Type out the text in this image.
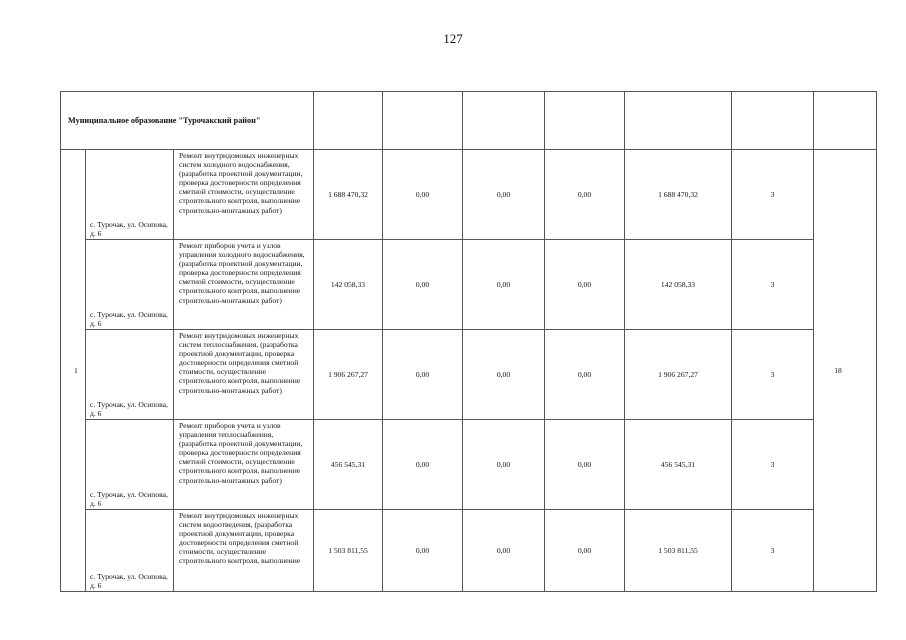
127
Муниципальное образование "Турочакский район"									
1	с. Турочак, ул. Осипова, д. 6	Ремонт внутридомовых инженерных систем холодного водоснабжения, (разработка проектной документации, проверка достоверности определения сметной стоимости, осуществление строительного контроля, выполнение строительно-монтажных работ)	1 688 470,32	0,00	0,00	0,00	1 688 470,32	3	18
	с. Турочак, ул. Осипова, д. 6	Ремонт приборов учета и узлов управления холодного водоснабжения, (разработка проектной документации, проверка достоверности определения сметной стоимости, осуществление строительного контроля, выполнение строительно-монтажных работ)	142 058,33	0,00	0,00	0,00	142 058,33	3	
	с. Турочак, ул. Осипова, д. 6	Ремонт внутридомовых инженерных систем теплоснабжения, (разработка проектной документации, проверка достоверности определения сметной стоимости, осуществление строительного контроля, выполнение строительно-монтажных работ)	1 906 267,27	0,00	0,00	0,00	1 906 267,27	3	
	с. Турочак, ул. Осипова, д. 6	Ремонт приборов учета и узлов управления теплоснабжения, (разработка проектной документации, проверка достоверности определения сметной стоимости, осуществление строительного контроля, выполнение строительно-монтажных работ)	456 545,31	0,00	0,00	0,00	456 545,31	3	
	с. Турочак, ул. Осипова, д. 6	Ремонт внутридомовых инженерных систем водоотведения, (разработка проектной документации, проверка достоверности определения сметной стоимости, осуществление строительного контроля, выполнение	1 503 811,55	0,00	0,00	0,00	1 503 811,55	3	
